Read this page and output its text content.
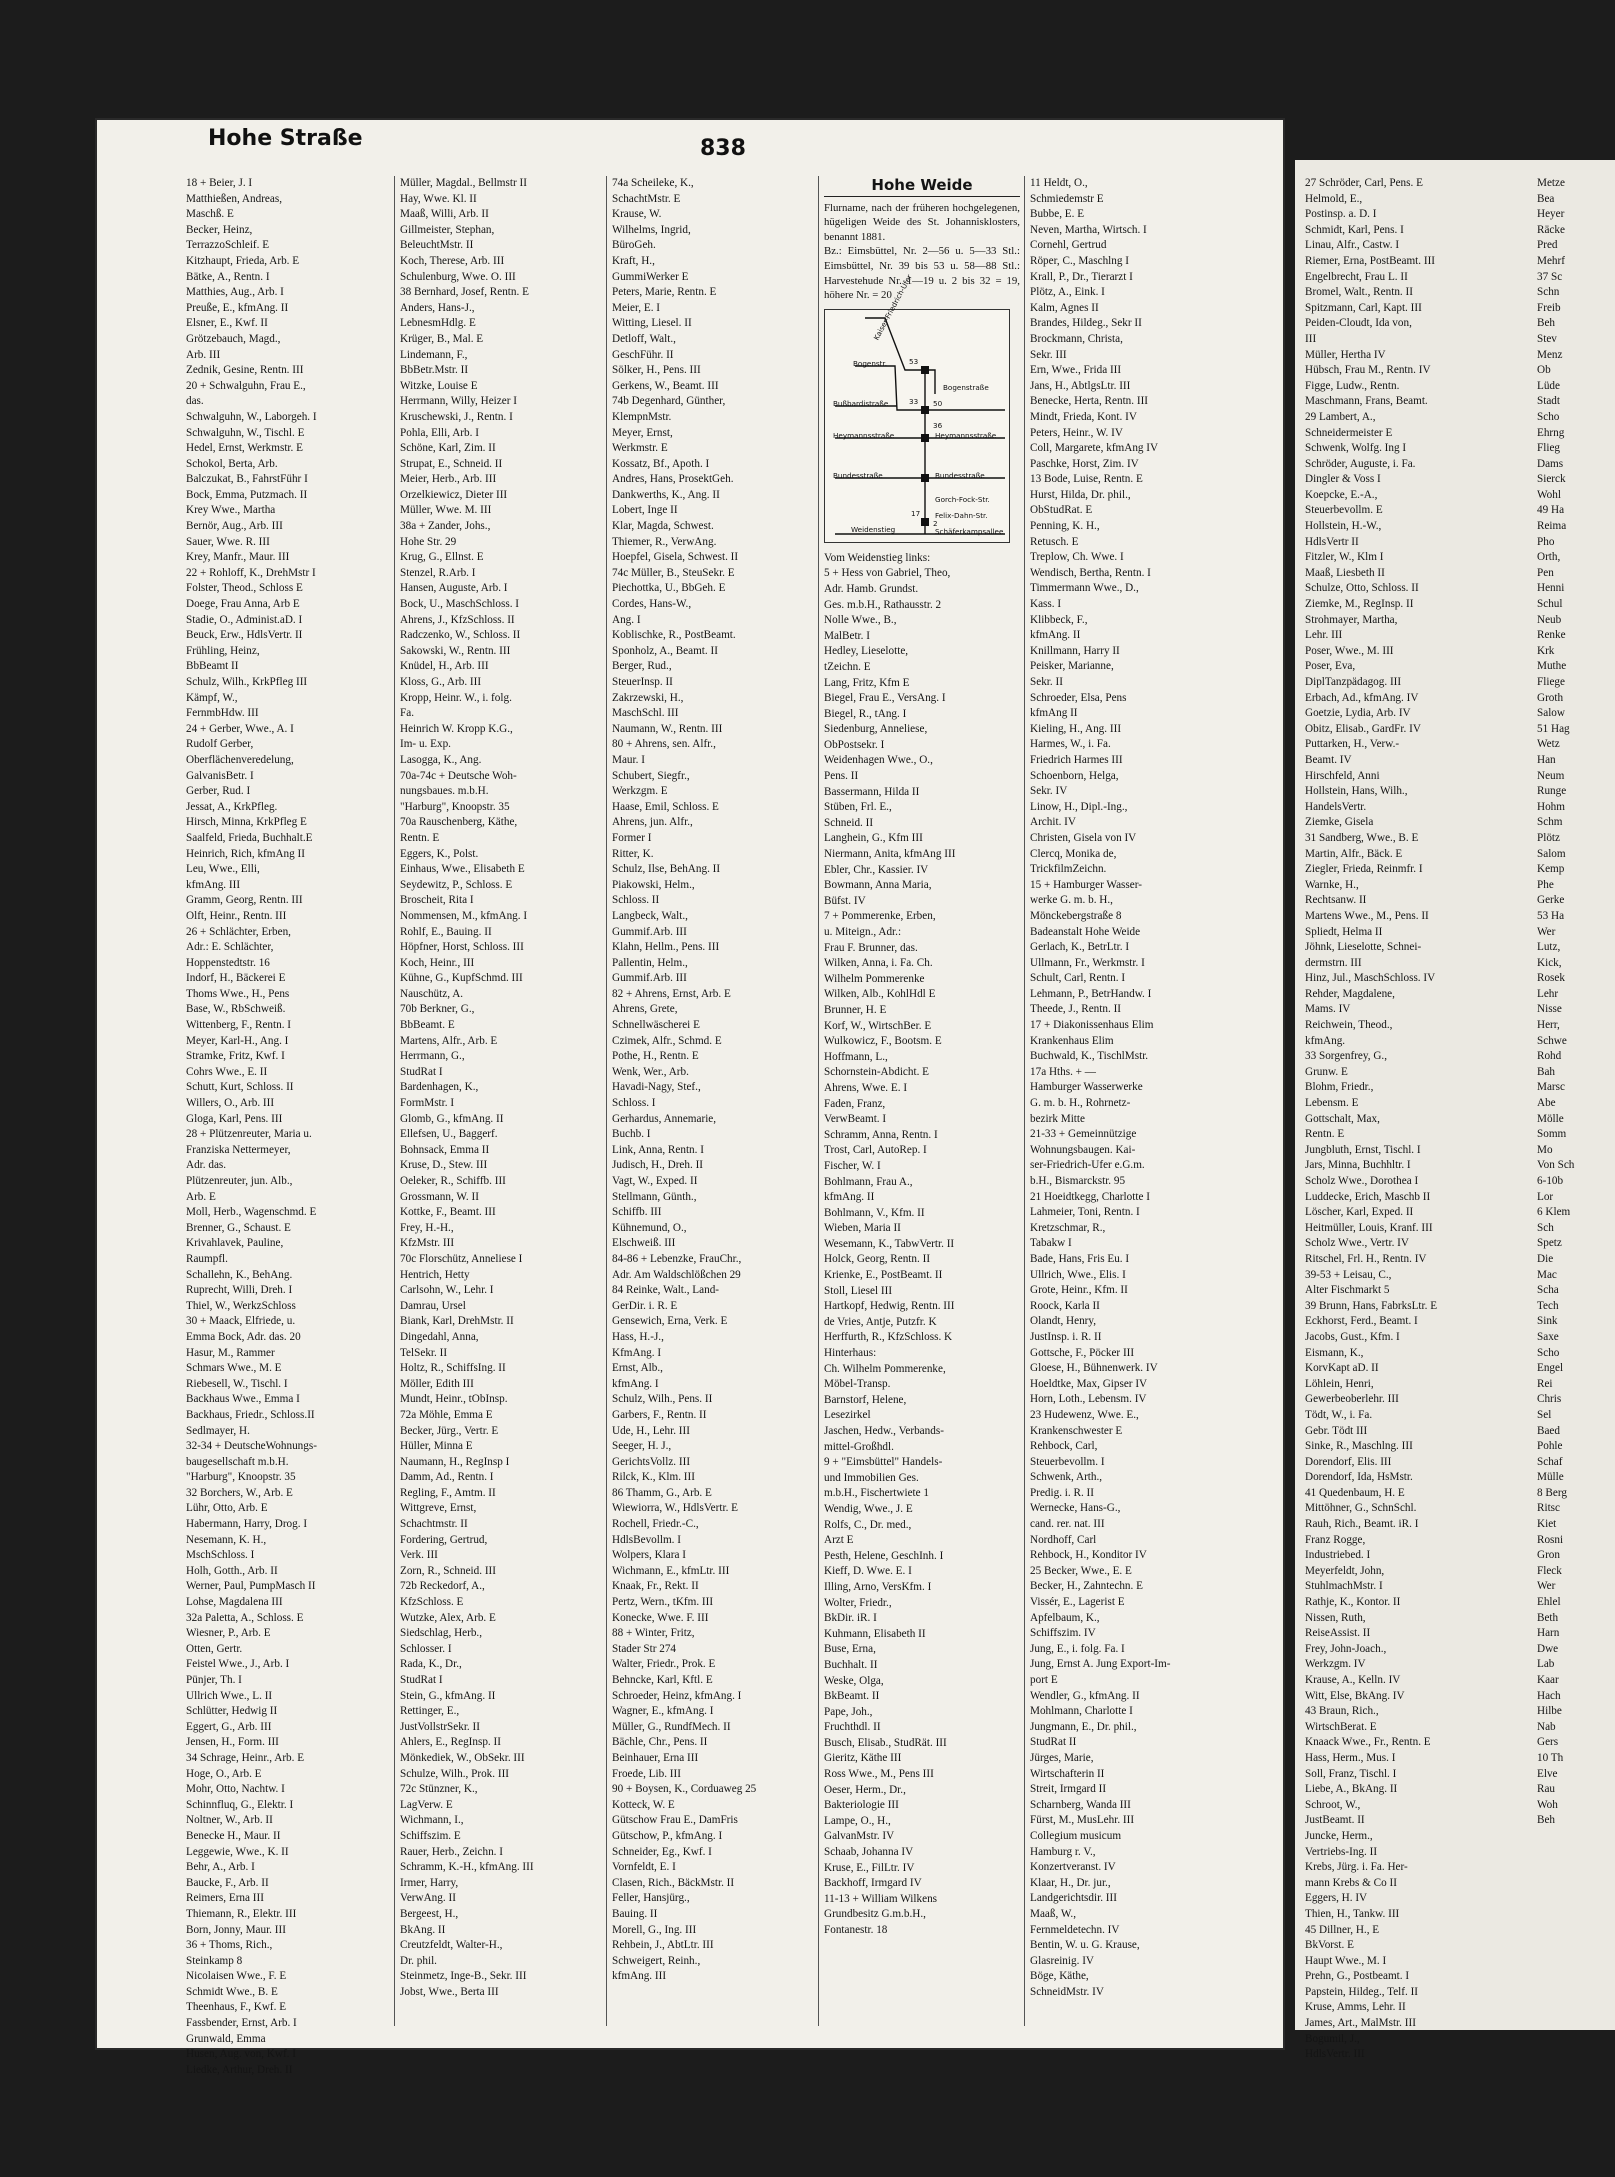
27 Schröder, Carl, Pens. E
Helmold, E.,
Postinsp. a. D. I
Schmidt, Karl, Pens. I
Linau, Alfr., Castw. I
Riemer, Erna, PostBeamt. III
Engelbrecht, Frau L. II
Bromel, Walt., Rentn. II
Spitzmann, Carl, Kapt. III
Peiden-Cloudt, Ida von,
III
Müller, Hertha IV
Hübsch, Frau M., Rentn. IV
Figge, Ludw., Rentn.
Maschmann, Frans, Beamt.
29 Lambert, A.,
Schneidermeister E
Schwenk, Wolfg. Ing I
Schröder, Auguste, i. Fa.
Dingler & Voss I
Koepcke, E.-A.,
Steuerbevollm. E
Hollstein, H.-W.,
HdlsVertr II
Fitzler, W., Klm I
Maaß, Liesbeth II
Schulze, Otto, Schloss. II
Ziemke, M., RegInsp. II
Strohmayer, Martha,
Lehr. III
Poser, Wwe., M. III
Poser, Eva,
DiplTanzpädagog. III
Erbach, Ad., kfmAng. IV
Goetzie, Lydia, Arb. IV
Obitz, Elisab., GardFr. IV
Puttarken, H., Verw.-
Beamt. IV
Hirschfeld, Anni
Hollstein, Hans, Wilh.,
HandelsVertr.
Ziemke, Gisela
31 Sandberg, Wwe., B. E
Martin, Alfr., Bäck. E
Ziegler, Frieda, Reinmfr. I
Warnke, H.,
Rechtsanw. II
Martens Wwe., M., Pens. II
Spliedt, Helma II
Jöhnk, Lieselotte, Schnei-
dermstrn. III
Hinz, Jul., MaschSchloss. IV
Rehder, Magdalene,
Mams. IV
Reichwein, Theod.,
kfmAng.
33 Sorgenfrey, G.,
Grunw. E
Blohm, Friedr.,
Lebensm. E
Gottschalt, Max,
Rentn. E
Jungbluth, Ernst, Tischl. I
Jars, Minna, Buchhltr. I
Scholz Wwe., Dorothea I
Luddecke, Erich, Maschb II
Löscher, Karl, Exped. II
Heitmüller, Louis, Kranf. III
Scholz Wwe., Vertr. IV
Ritschel, Frl. H., Rentn. IV
39-53 + Leisau, C.,
Alter Fischmarkt 5
39 Brunn, Hans, FabrksLtr. E
Eckhorst, Ferd., Beamt. I
Jacobs, Gust., Kfm. I
Eismann, K.,
KorvKapt aD. II
Löhlein, Henri,
Gewerbeoberlehr. III
Tödt, W., i. Fa.
Gebr. Tödt III
Sinke, R., Maschlng. III
Dorendorf, Elis. III
Dorendorf, Ida, HsMstr.
41 Quedenbaum, H. E
Mittöhner, G., SchnSchl.
Rauh, Rich., Beamt. iR. I
Franz Rogge,
Industriebed. I
Meyerfeldt, John,
StuhlmachMstr. I
Rathje, K., Kontor. II
Nissen, Ruth,
ReiseAssist. II
Frey, John-Joach.,
Werkzgm. IV
Krause, A., Kelln. IV
Witt, Else, BkAng. IV
43 Braun, Rich.,
WirtschBerat. E
Knaack Wwe., Fr., Rentn. E
Hass, Herm., Mus. I
Soll, Franz, Tischl. I
Liebe, A., BkAng. II
Schroot, W.,
JustBeamt. II
Juncke, Herm.,
Vertriebs-Ing. II
Krebs, Jürg. i. Fa. Her-
mann Krebs & Co II
Eggers, H. IV
Thien, H., Tankw. III
45 Dillner, H., E
BkVorst. E
Haupt Wwe., M. I
Prehn, G., Postbeamt. I
Papstein, Hildeg., Telf. II
Kruse, Amms, Lehr. II
James, Art., MalMstr. III
Bogumil, J.,
HdlsVertr. III
Metze
Bea
Heyer
Räcke
Pred
Mehrf
37 Sc
Schn
Freib
Beh
Stev
Menz
Ob
Lüde
Stadt
Scho
Ehrng
Flieg
Dams
Sierck
Wohl
49 Ha
Reima
Pho
Orth,
Pen
Henni
Schul
Neub
Renke
Krk
Muthe
Fliege
Groth
Salow
51 Hag
Wetz
Han
Neum
Runge
Hohm
Schm
Plötz
Salom
Kemp
Phe
Gerke
53 Ha
Wer
Lutz,
Kick,
Rosek
Lehr
Nisse
Herr,
Schwe
Rohd
Bah
Marsc
Abe
Mölle
Somm
Mo
Von Sch
6-10b
Lor
6 Klem
Sch
Spetz
Die
Mac
Scha
Tech
Sink
Saxe
Scho
Engel
Rei
Chris
Sel
Baed
Pohle
Schaf
Mülle
8 Berg
Ritsc
Kiet
Rosni
Gron
Fleck
Wer
Ehlel
Beth
Harn
Dwe
Lab
Kaar
Hach
Hilbe
Nab
Gers
10 Th
Elve
Rau
Woh
Beh
Hohe Straße	838
18 + Beier, J. I
Matthießen, Andreas,
Maschß. E
Becker, Heinz,
TerrazzoSchleif. E
Kitzhaupt, Frieda, Arb. E
Bätke, A., Rentn. I
Matthies, Aug., Arb. I
Preuße, E., kfmAng. II
Elsner, E., Kwf. II
Grötzebauch, Magd.,
Arb. III
Zednik, Gesine, Rentn. III
20 + Schwalguhn, Frau E.,
das.
Schwalguhn, W., Laborgeh. I
Schwalguhn, W., Tischl. E
Hedel, Ernst, Werkmstr. E
Schokol, Berta, Arb.
Balczukat, B., FahrstFühr I
Bock, Emma, Putzmach. II
Krey Wwe., Martha
Bernör, Aug., Arb. III
Sauer, Wwe. R. III
Krey, Manfr., Maur. III
22 + Rohloff, K., DrehMstr I
Folster, Theod., Schloss E
Doege, Frau Anna, Arb E
Stadie, O., Administ.aD. I
Beuck, Erw., HdlsVertr. II
Frühling, Heinz,
BbBeamt II
Schulz, Wilh., KrkPfleg III
Kämpf, W.,
FernmbHdw. III
24 + Gerber, Wwe., A. I
Rudolf Gerber,
Oberflächenveredelung,
GalvanisBetr. I
Gerber, Rud. I
Jessat, A., KrkPfleg.
Hirsch, Minna, KrkPfleg E
Saalfeld, Frieda, Buchhalt.E
Heinrich, Rich, kfmAng II
Leu, Wwe., Elli,
kfmAng. III
Gramm, Georg, Rentn. III
Olft, Heinr., Rentn. III
26 + Schlächter, Erben,
Adr.: E. Schlächter,
Hoppenstedtstr. 16
Indorf, H., Bäckerei E
Thoms Wwe., H., Pens
Base, W., RbSchweiß.
Wittenberg, F., Rentn. I
Meyer, Karl-H., Ang. I
Stramke, Fritz, Kwf. I
Cohrs Wwe., E. II
Schutt, Kurt, Schloss. II
Willers, O., Arb. III
Gloga, Karl, Pens. III
28 + Plützenreuter, Maria u.
Franziska Nettermeyer,
Adr. das.
Plützenreuter, jun. Alb.,
Arb. E
Moll, Herb., Wagenschmd. E
Brenner, G., Schaust. E
Krivahlavek, Pauline,
Raumpfl.
Schallehn, K., BehAng.
Ruprecht, Willi, Dreh. I
Thiel, W., WerkzSchloss
30 + Maack, Elfriede, u.
Emma Bock, Adr. das. 20
Hasur, M., Rammer
Schmars Wwe., M. E
Riebesell, W., Tischl. I
Backhaus Wwe., Emma I
Backhaus, Friedr., Schloss.II
Sedlmayer, H.
32-34 + DeutscheWohnungs-
baugesellschaft m.b.H.
"Harburg", Knoopstr. 35
32 Borchers, W., Arb. E
Lühr, Otto, Arb. E
Habermann, Harry, Drog. I
Nesemann, K. H.,
MschSchloss. I
Holh, Gotth., Arb. II
Werner, Paul, PumpMasch II
Lohse, Magdalena III
32a Paletta, A., Schloss. E
Wiesner, P., Arb. E
Otten, Gertr.
Feistel Wwe., J., Arb. I
Pünjer, Th. I
Ullrich Wwe., L. II
Schlütter, Hedwig II
Eggert, G., Arb. III
Jensen, H., Form. III
34 Schrage, Heinr., Arb. E
Hoge, O., Arb. E
Mohr, Otto, Nachtw. I
Schinnfluq, G., Elektr. I
Noltner, W., Arb. II
Benecke H., Maur. II
Leggewie, Wwe., K. II
Behr, A., Arb. I
Baucke, F., Arb. II
Reimers, Erna III
Thiemann, R., Elektr. III
Born, Jonny, Maur. III
36 + Thoms, Rich.,
Steinkamp 8
Nicolaisen Wwe., F. E
Schmidt Wwe., B. E
Theenhaus, F., Kwf. E
Fassbender, Ernst, Arb. I
Grunwald, Emma
Husen, Aug. von, Kwf. I
Liedke, Arthur, Dreh. II
Müller, Magdal., Bellmstr II
Hay, Wwe. Kl. II
Maaß, Willi, Arb. II
Gillmeister, Stephan,
BeleuchtMstr. II
Koch, Therese, Arb. III
Schulenburg, Wwe. O. III
38 Bernhard, Josef, Rentn. E
Anders, Hans-J.,
LebnesmHdlg. E
Krüger, B., Mal. E
Lindemann, F.,
BbBetr.Mstr. II
Witzke, Louise E
Herrmann, Willy, Heizer I
Kruschewski, J., Rentn. I
Pohla, Elli, Arb. I
Schöne, Karl, Zim. II
Strupat, E., Schneid. II
Meier, Herb., Arb. III
Orzelkiewicz, Dieter III
Müller, Wwe. M. III
38a + Zander, Johs.,
Hohe Str. 29
Krug, G., Ellnst. E
Stenzel, R.Arb. I
Hansen, Auguste, Arb. I
Bock, U., MaschSchloss. I
Ahrens, J., KfzSchloss. II
Radczenko, W., Schloss. II
Sakowski, W., Rentn. III
Knüdel, H., Arb. III
Kloss, G., Arb. III
Kropp, Heinr. W., i. folg.
Fa.
Heinrich W. Kropp K.G.,
Im- u. Exp.
Lasogga, K., Ang.
70a-74c + Deutsche Woh-
nungsbaues. m.b.H.
"Harburg", Knoopstr. 35
70a Rauschenberg, Käthe,
Rentn. E
Eggers, K., Polst.
Einhaus, Wwe., Elisabeth E
Seydewitz, P., Schloss. E
Broscheit, Rita I
Nommensen, M., kfmAng. I
Rohlf, E., Bauing. II
Höpfner, Horst, Schloss. III
Koch, Heinr., III
Kühne, G., KupfSchmd. III
Nauschütz, A.
70b Berkner, G.,
BbBeamt. E
Martens, Alfr., Arb. E
Herrmann, G.,
StudRat I
Bardenhagen, K.,
FormMstr. I
Glomb, G., kfmAng. II
Ellefsen, U., Baggerf.
Bohnsack, Emma II
Kruse, D., Stew. III
Oeleker, R., Schiffb. III
Grossmann, W. II
Kottke, F., Beamt. III
Frey, H.-H.,
KfzMstr. III
70c Florschütz, Anneliese I
Hentrich, Hetty
Carlsohn, W., Lehr. I
Damrau, Ursel
Biank, Karl, DrehMstr. II
Dingedahl, Anna,
TelSekr. II
Holtz, R., SchiffsIng. II
Möller, Edith III
Mundt, Heinr., tObInsp.
72a Möhle, Emma E
Becker, Jürg., Vertr. E
Hüller, Minna E
Naumann, H., RegInsp I
Damm, Ad., Rentn. I
Regling, F., Amtm. II
Wittgreve, Ernst,
Schachtmstr. II
Fordering, Gertrud,
Verk. III
Zorn, R., Schneid. III
72b Reckedorf, A.,
KfzSchloss. E
Wutzke, Alex, Arb. E
Siedschlag, Herb.,
Schlosser. I
Rada, K., Dr.,
StudRat I
Stein, G., kfmAng. II
Rettinger, E.,
JustVollstrSekr. II
Ahlers, E., RegInsp. II
Mönkediek, W., ObSekr. III
Schulze, Wilh., Prok. III
72c Stünzner, K.,
LagVerw. E
Wichmann, I.,
Schiffszim. E
Rauer, Herb., Zeichn. I
Schramm, K.-H., kfmAng. III
Irmer, Harry,
VerwAng. II
Bergeest, H.,
BkAng. II
Creutzfeldt, Walter-H.,
Dr. phil.
Steinmetz, Inge-B., Sekr. III
Jobst, Wwe., Berta III
74a Scheileke, K.,
SchachtMstr. E
Krause, W.
Wilhelms, Ingrid,
BüroGeh.
Kraft, H.,
GummiWerker E
Peters, Marie, Rentn. E
Meier, E. I
Witting, Liesel. II
Detloff, Walt.,
GeschFühr. II
Sölker, H., Pens. III
Gerkens, W., Beamt. III
74b Degenhard, Günther,
KlempnMstr.
Meyer, Ernst,
Werkmstr. E
Kossatz, Bf., Apoth. I
Andres, Hans, ProsektGeh.
Dankwerths, K., Ang. II
Lobert, Inge II
Klar, Magda, Schwest.
Thiemer, R., VerwAng.
Hoepfel, Gisela, Schwest. II
74c Müller, B., SteuSekr. E
Piechottka, U., BbGeh. E
Cordes, Hans-W.,
Ang. I
Koblischke, R., PostBeamt.
Sponholz, A., Beamt. II
Berger, Rud.,
SteuerInsp. II
Zakrzewski, H.,
MaschSchl. III
Naumann, W., Rentn. III
80 + Ahrens, sen. Alfr.,
Maur. I
Schubert, Siegfr.,
Werkzgm. E
Haase, Emil, Schloss. E
Ahrens, jun. Alfr.,
Former I
Ritter, K.
Schulz, Ilse, BehAng. II
Piakowski, Helm.,
Schloss. II
Langbeck, Walt.,
Gummif.Arb. III
Klahn, Hellm., Pens. III
Pallentin, Helm.,
Gummif.Arb. III
82 + Ahrens, Ernst, Arb. E
Ahrens, Grete,
Schnellwäscherei E
Czimek, Alfr., Schmd. E
Pothe, H., Rentn. E
Wenk, Wer., Arb.
Havadi-Nagy, Stef.,
Schloss. I
Gerhardus, Annemarie,
Buchb. I
Link, Anna, Rentn. I
Judisch, H., Dreh. II
Vagt, W., Exped. II
Stellmann, Günth.,
Schiffb. III
Kühnemund, O.,
Elschweiß. III
84-86 + Lebenzke, FrauChr.,
Adr. Am Waldschlößchen 29
84 Reinke, Walt., Land-
GerDir. i. R. E
Gensewich, Erna, Verk. E
Hass, H.-J.,
KfmAng. I
Ernst, Alb.,
kfmAng. I
Schulz, Wilh., Pens. II
Garbers, F., Rentn. II
Ude, H., Lehr. III
Seeger, H. J.,
GerichtsVollz. III
Rilck, K., Klm. III
86 Thamm, G., Arb. E
Wiewiorra, W., HdlsVertr. E
Rochell, Friedr.-C.,
HdlsBevollm. I
Wolpers, Klara I
Wichmann, E., kfmLtr. III
Knaak, Fr., Rekt. II
Pertz, Wern., tKfm. III
Konecke, Wwe. F. III
88 + Winter, Fritz,
Stader Str 274
Walter, Friedr., Prok. E
Behncke, Karl, Kftl. E
Schroeder, Heinz, kfmAng. I
Wagner, E., kfmAng. I
Müller, G., RundfMech. II
Bächle, Chr., Pens. II
Beinhauer, Erna III
Froede, Lib. III
90 + Boysen, K., Corduaweg 25
Kotteck, W. E
Gütschow Frau E., DamFris
Gütschow, P., kfmAng. I
Schneider, Eg., Kwf. I
Vornfeldt, E. I
Clasen, Rich., BäckMstr. II
Feller, Hansjürg.,
Bauing. II
Morell, G., Ing. III
Rehbein, J., AbtLtr. III
Schweigert, Reinh.,
kfmAng. III
Hohe Weide
Flurname, nach der früheren hochgelegenen, hügeligen Weide des St. Johannisklosters, benannt 1881.
Bz.: Eimsbüttel, Nr. 2—56 u. 5—33 Stl.: Eimsbüttel, Nr. 39 bis 53 u. 58—88 Stl.: Harvestehude Nr. 1—19 u. 2 bis 32 = 19, höhere Nr. = 20
Kaiser-Friedrich-Ufer
Bogenstr.
Bogenstraße
Bußbardistraße
Heymannsstraße	Heymannsstraße
Bundesstraße	Bundesstraße
Gorch-Fock-Str.
Felix-Dahn-Str.
Weidenstieg	Schäferkampsallee
53
33 50
36
17
2
Vom Weidenstieg links:
5 + Hess von Gabriel, Theo,
Adr. Hamb. Grundst.
Ges. m.b.H., Rathausstr. 2
Nolle Wwe., B.,
MalBetr. I
Hedley, Lieselotte,
tZeichn. E
Lang, Fritz, Kfm E
Biegel, Frau E., VersAng. I
Biegel, R., tAng. I
Siedenburg, Anneliese,
ObPostsekr. I
Weidenhagen Wwe., O.,
Pens. II
Bassermann, Hilda II
Stüben, Frl. E.,
Schneid. II
Langhein, G., Kfm III
Niermann, Anita, kfmAng III
Ebler, Chr., Kassier. IV
Bowmann, Anna Maria,
Büfst. IV
7 + Pommerenke, Erben,
u. Miteign., Adr.:
Frau F. Brunner, das.
Wilken, Anna, i. Fa. Ch.
Wilhelm Pommerenke
Wilken, Alb., KohlHdl E
Brunner, H. E
Korf, W., WirtschBer. E
Wulkowicz, F., Bootsm. E
Hoffmann, L.,
Schornstein-Abdicht. E
Ahrens, Wwe. E. I
Faden, Franz,
VerwBeamt. I
Schramm, Anna, Rentn. I
Trost, Carl, AutoRep. I
Fischer, W. I
Bohlmann, Frau A.,
kfmAng. II
Bohlmann, V., Kfm. II
Wieben, Maria II
Wesemann, K., TabwVertr. II
Holck, Georg, Rentn. II
Krienke, E., PostBeamt. II
Stoll, Liesel III
Hartkopf, Hedwig, Rentn. III
de Vries, Antje, Putzfr. K
Herffurth, R., KfzSchloss. K
Hinterhaus:
Ch. Wilhelm Pommerenke,
Möbel-Transp.
Barnstorf, Helene,
Lesezirkel
Jaschen, Hedw., Verbands-
mittel-Großhdl.
9 + "Eimsbüttel" Handels-
und Immobilien Ges.
m.b.H., Fischertwiete 1
Wendig, Wwe., J. E
Rolfs, C., Dr. med.,
Arzt E
Pesth, Helene, GeschInh. I
Kieff, D. Wwe. E. I
Illing, Arno, VersKfm. I
Wolter, Friedr.,
BkDir. iR. I
Kuhmann, Elisabeth II
Buse, Erna,
Buchhalt. II
Weske, Olga,
BkBeamt. II
Pape, Joh.,
Fruchthdl. II
Busch, Elisab., StudRät. III
Gieritz, Käthe III
Ross Wwe., M., Pens III
Oeser, Herm., Dr.,
Bakteriologie III
Lampe, O., H.,
GalvanMstr. IV
Schaab, Johanna IV
Kruse, E., FilLtr. IV
Backhoff, Irmgard IV
11-13 + William Wilkens
Grundbesitz G.m.b.H.,
Fontanestr. 18
11 Heldt, O.,
Schmiedemstr E
Bubbe, E. E
Neven, Martha, Wirtsch. I
Cornehl, Gertrud
Röper, C., Maschlng I
Krall, P., Dr., Tierarzt I
Plötz, A., Eink. I
Kalm, Agnes II
Brandes, Hildeg., Sekr II
Brockmann, Christa,
Sekr. III
Ern, Wwe., Frida III
Jans, H., AbtlgsLtr. III
Benecke, Herta, Rentn. III
Mindt, Frieda, Kont. IV
Peters, Heinr., W. IV
Coll, Margarete, kfmAng IV
Paschke, Horst, Zim. IV
13 Bode, Luise, Rentn. E
Hurst, Hilda, Dr. phil.,
ObStudRat. E
Penning, K. H.,
Retusch. E
Treplow, Ch. Wwe. I
Wendisch, Bertha, Rentn. I
Timmermann Wwe., D.,
Kass. I
Klibbeck, F.,
kfmAng. II
Knillmann, Harry II
Peisker, Marianne,
Sekr. II
Schroeder, Elsa, Pens
kfmAng II
Kieling, H., Ang. III
Harmes, W., i. Fa.
Friedrich Harmes III
Schoenborn, Helga,
Sekr. IV
Linow, H., Dipl.-Ing.,
Archit. IV
Christen, Gisela von IV
Clercq, Monika de,
TrickfilmZeichn.
15 + Hamburger Wasser-
werke G. m. b. H.,
Mönckebergstraße 8
Badeanstalt Hohe Weide
Gerlach, K., BetrLtr. I
Ullmann, Fr., Werkmstr. I
Schult, Carl, Rentn. I
Lehmann, P., BetrHandw. I
Theede, J., Rentn. II
17 + Diakonissenhaus Elim
Krankenhaus Elim
Buchwald, K., TischlMstr.
17a Hths. + —
Hamburger Wasserwerke
G. m. b. H., Rohrnetz-
bezirk Mitte
21-33 + Gemeinnützige
Wohnungsbaugen. Kai-
ser-Friedrich-Ufer e.G.m.
b.H., Bismarckstr. 95
21 Hoeidtkegg, Charlotte I
Lahmeier, Toni, Rentn. I
Kretzschmar, R.,
Tabakw I
Bade, Hans, Fris Eu. I
Ullrich, Wwe., Elis. I
Grote, Heinr., Kfm. II
Roock, Karla II
Olandt, Henry,
JustInsp. i. R. II
Gottsche, F., Pöcker III
Gloese, H., Bühnenwerk. IV
Hoeldtke, Max, Gipser IV
Horn, Loth., Lebensm. IV
23 Hudewenz, Wwe. E.,
Krankenschwester E
Rehbock, Carl,
Steuerbevollm. I
Schwenk, Arth.,
Predig. i. R. II
Wernecke, Hans-G.,
cand. rer. nat. III
Nordhoff, Carl
Rehbock, H., Konditor IV
25 Becker, Wwe., E. E
Becker, H., Zahntechn. E
Vissér, E., Lagerist E
Apfelbaum, K.,
Schiffszim. IV
Jung, E., i. folg. Fa. I
Jung, Ernst A. Jung Export-Im-
port E
Wendler, G., kfmAng. II
Mohlmann, Charlotte I
Jungmann, E., Dr. phil.,
StudRat II
Jürges, Marie,
Wirtschafterin II
Streit, Irmgard II
Scharnberg, Wanda III
Fürst, M., MusLehr. III
Collegium musicum
Hamburg r. V.,
Konzertveranst. IV
Klaar, H., Dr. jur.,
Landgerichtsdir. III
Maaß, W.,
Fernmeldetechn. IV
Bentin, W. u. G. Krause,
Glasreinig. IV
Böge, Käthe,
SchneidMstr. IV
